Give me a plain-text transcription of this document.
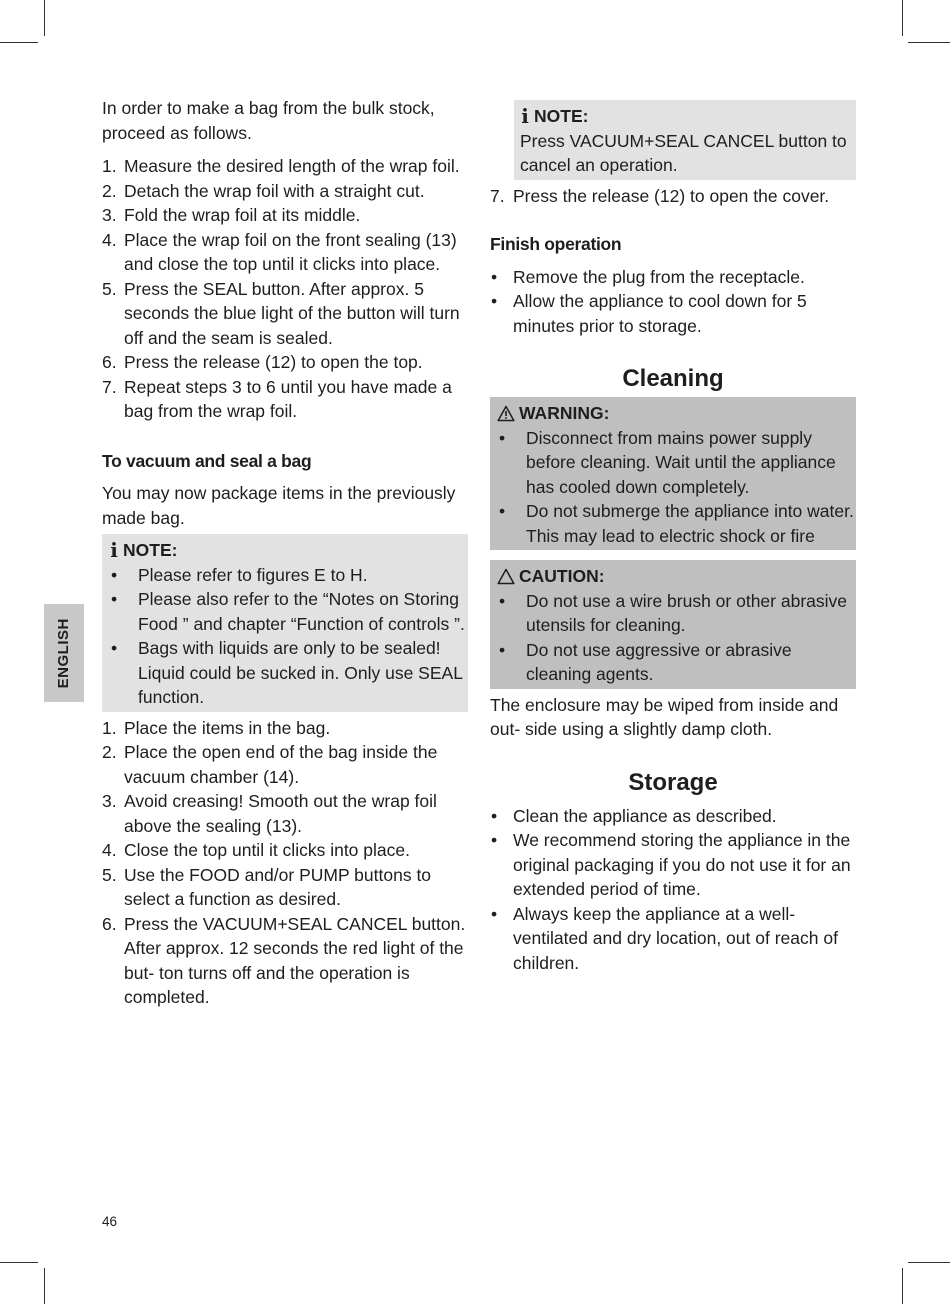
ENGLISH

In order to make a bag from the bulk stock, proceed as follows.

1. Measure the desired length of the wrap foil.
2. Detach the wrap foil with a straight cut.
3. Fold the wrap foil at its middle.
4. Place the wrap foil on the front sealing (13) and close the top until it clicks into place.
5. Press the SEAL button. After approx. 5 seconds the blue light of the button will turn off and the seam is sealed.
6. Press the release (12) to open the top.
7. Repeat steps 3 to 6 until you have made a bag from the wrap foil.

To vacuum and seal a bag

You may now package items in the previously made bag.

i NOTE:
• Please refer to figures E to H.
• Please also refer to the “Notes on Storing Food ” and chapter “Function of controls ”.
• Bags with liquids are only to be sealed! Liquid could be sucked in. Only use SEAL function.
1. Place the items in the bag.
2. Place the open end of the bag inside the vacuum chamber (14).
3. Avoid creasing! Smooth out the wrap foil above the sealing (13).
4. Close the top until it clicks into place.
5. Use the FOOD and/or PUMP buttons to select a function as desired.
6. Press the VACUUM+SEAL CANCEL button. After approx. 12 seconds the red light of the but- ton turns off and the operation is completed.
i NOTE:

Press VACUUM+SEAL CANCEL button to cancel an operation.

7. Press the release (12) to open the cover.

Finish operation

• Remove the plug from the receptacle.
• Allow the appliance to cool down for 5 minutes prior to storage.

Cleaning

WARNING:
• Disconnect from mains power supply before cleaning. Wait until the appliance has cooled down completely.
• Do not submerge the appliance into water. This may lead to electric shock or fire
CAUTION:
• Do not use a wire brush or other abrasive utensils for cleaning.
• Do not use aggressive or abrasive cleaning agents.

The enclosure may be wiped from inside and out- side using a slightly damp cloth.

Storage

• Clean the appliance as described.
• We recommend storing the appliance in the original packaging if you do not use it for an extended period of time.
• Always keep the appliance at a well-ventilated and dry location, out of reach of children.
46
